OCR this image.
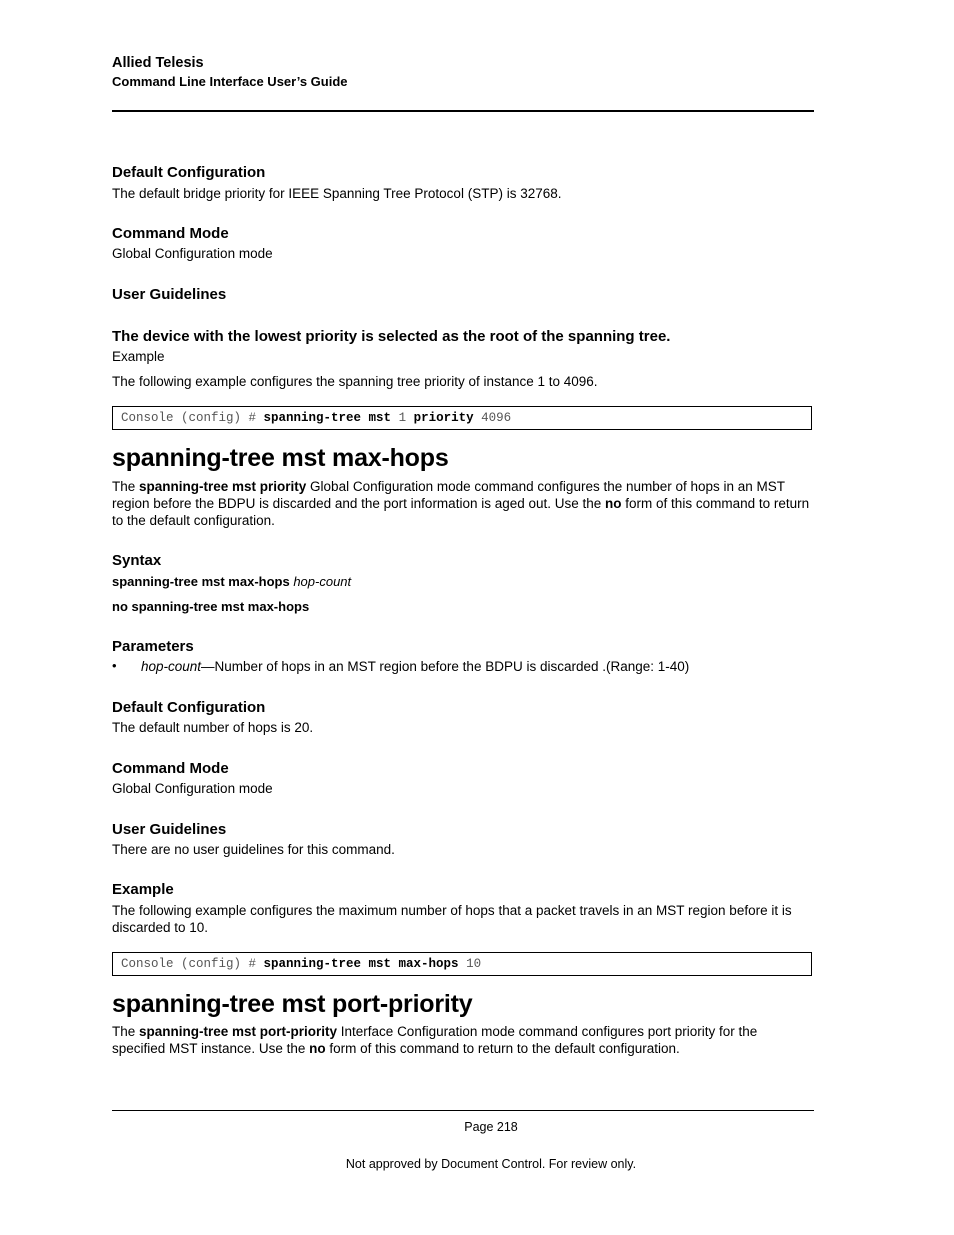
Allied Telesis
Command Line Interface User’s Guide
Default Configuration
The default bridge priority for IEEE Spanning Tree Protocol (STP) is 32768.
Command Mode
Global Configuration mode
User Guidelines
The device with the lowest priority is selected as the root of the spanning tree.
Example
The following example configures the spanning tree priority of instance 1 to 4096.
Console (config) # spanning-tree mst 1 priority 4096
spanning-tree mst max-hops
The spanning-tree mst priority Global Configuration mode command configures the number of hops in an MST region before the BDPU is discarded and the port information is aged out. Use the no form of this command to return to the default configuration.
Syntax
spanning-tree mst max-hops hop-count
no spanning-tree mst max-hops
Parameters
• hop-count—Number of hops in an MST region before the BDPU is discarded .(Range: 1-40)
Default Configuration
The default number of hops is 20.
Command Mode
Global Configuration mode
User Guidelines
There are no user guidelines for this command.
Example
The following example configures the maximum number of hops that a packet travels in an MST region before it is discarded to 10.
Console (config) # spanning-tree mst max-hops 10
spanning-tree mst port-priority
The spanning-tree mst port-priority Interface Configuration mode command configures port priority for the specified MST instance. Use the no form of this command to return to the default configuration.
Page 218
Not approved by Document Control. For review only.
